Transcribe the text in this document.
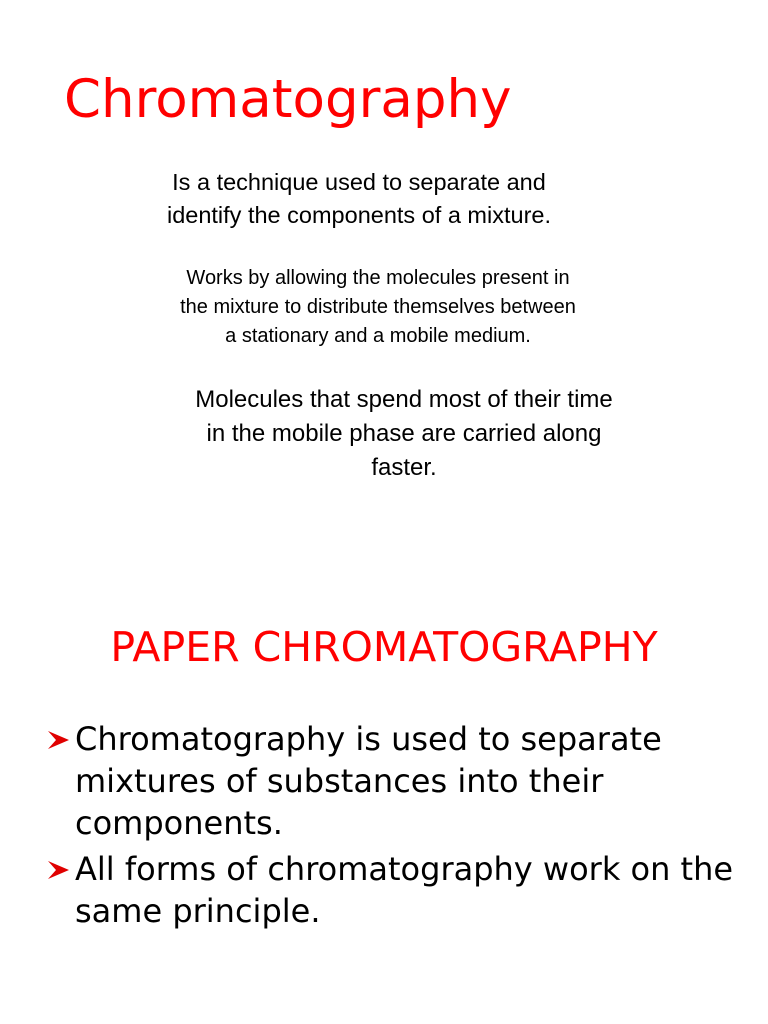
Chromatography

Is a technique used to separate and
identify the components of a mixture.

Works by allowing the molecules present in
the mixture to distribute themselves between
a stationary and a mobile medium.

Molecules that spend most of their time
in the mobile phase are carried along
faster.

PAPER CHROMATOGRAPHY
Chromatography is used to separate mixtures of substances into their components.
All forms of chromatography work on the same principle.
